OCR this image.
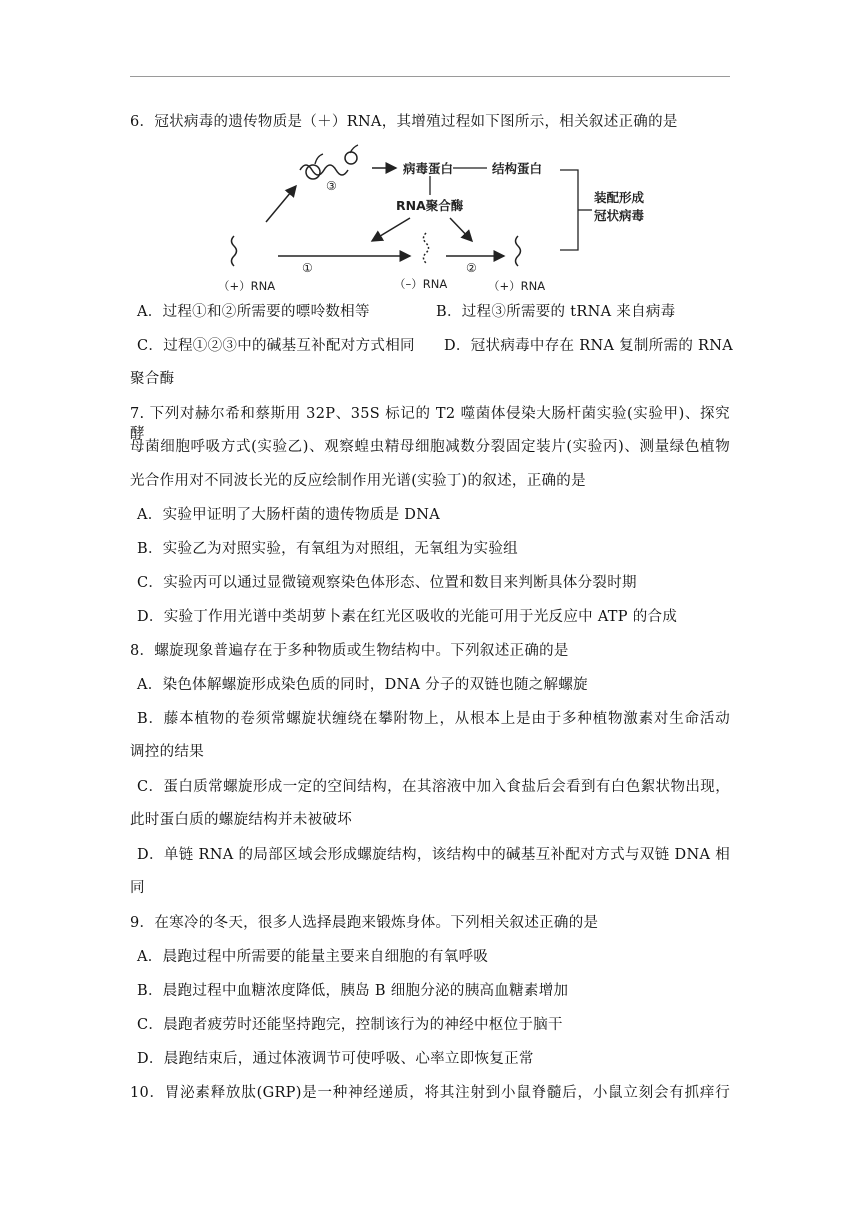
6．冠状病毒的遗传物质是（＋）RNA，其增殖过程如下图所示，相关叙述正确的是
③
病毒蛋白	结构蛋白
RNA聚合酶
装配形成
冠状病毒
①	②
（+）RNA	（–）RNA	（+）RNA
A．过程①和②所需要的嘌呤数相等	B．过程③所需要的 tRNA 来自病毒
C．过程①②③中的碱基互补配对方式相同 D．冠状病毒中存在 RNA 复制所需的 RNA
聚合酶
7. 下列对赫尔希和蔡斯用 32P、35S 标记的 T2 噬菌体侵染大肠杆菌实验(实验甲)、探究酵
母菌细胞呼吸方式(实验乙)、观察蝗虫精母细胞减数分裂固定装片(实验丙)、测量绿色植物
光合作用对不同波长光的反应绘制作用光谱(实验丁)的叙述，正确的是
A．实验甲证明了大肠杆菌的遗传物质是 DNA
B．实验乙为对照实验，有氧组为对照组，无氧组为实验组
C．实验丙可以通过显微镜观察染色体形态、位置和数目来判断具体分裂时期
D．实验丁作用光谱中类胡萝卜素在红光区吸收的光能可用于光反应中 ATP 的合成
8．螺旋现象普遍存在于多种物质或生物结构中。下列叙述正确的是
A．染色体解螺旋形成染色质的同时，DNA 分子的双链也随之解螺旋
B．藤本植物的卷须常螺旋状缠绕在攀附物上，从根本上是由于多种植物激素对生命活动
调控的结果
C．蛋白质常螺旋形成一定的空间结构，在其溶液中加入食盐后会看到有白色絮状物出现，
此时蛋白质的螺旋结构并未被破坏
D．单链 RNA 的局部区域会形成螺旋结构，该结构中的碱基互补配对方式与双链 DNA 相
同
9．在寒冷的冬天，很多人选择晨跑来锻炼身体。下列相关叙述正确的是
A．晨跑过程中所需要的能量主要来自细胞的有氧呼吸
B．晨跑过程中血糖浓度降低，胰岛 B 细胞分泌的胰高血糖素增加
C．晨跑者疲劳时还能坚持跑完，控制该行为的神经中枢位于脑干
D．晨跑结束后，通过体液调节可使呼吸、心率立即恢复正常
10．胃泌素释放肽(GRP)是一种神经递质，将其注射到小鼠脊髓后，小鼠立刻会有抓痒行
